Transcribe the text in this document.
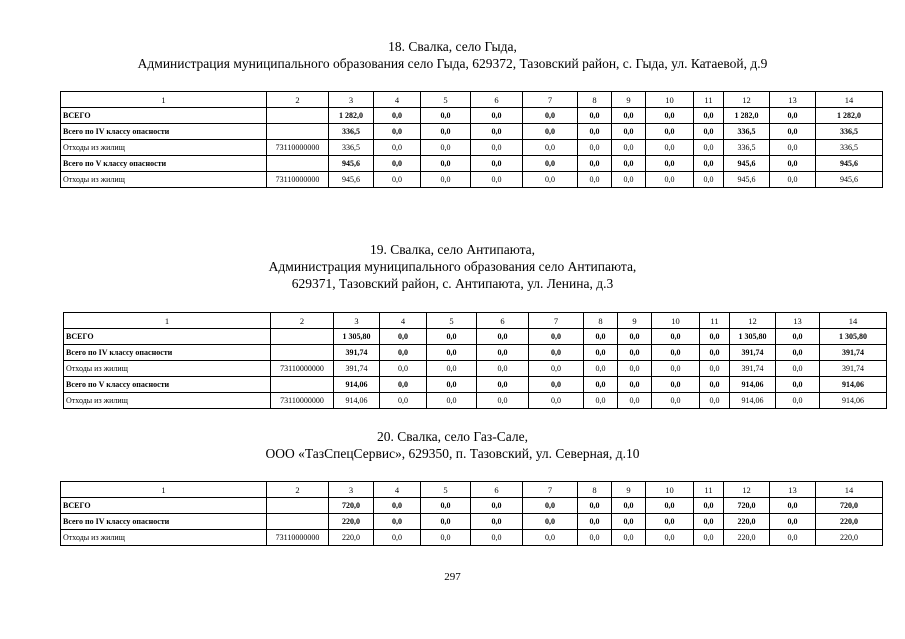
18. Свалка, село Гыда,
Администрация муниципального образования село Гыда, 629372, Тазовский район, с. Гыда, ул. Катаевой, д.9
1	2	3	4	5	6	7	8	9	10	11	12	13	14
ВСЕГО		1 282,0	0,0	0,0	0,0	0,0	0,0	0,0	0,0	0,0	1 282,0	0,0	1 282,0
Всего по IV классу опасности		336,5	0,0	0,0	0,0	0,0	0,0	0,0	0,0	0,0	336,5	0,0	336,5
Отходы из жилищ	73110000000	336,5	0,0	0,0	0,0	0,0	0,0	0,0	0,0	0,0	336,5	0,0	336,5
Всего по V классу опасности		945,6	0,0	0,0	0,0	0,0	0,0	0,0	0,0	0,0	945,6	0,0	945,6
Отходы из жилищ	73110000000	945,6	0,0	0,0	0,0	0,0	0,0	0,0	0,0	0,0	945,6	0,0	945,6
19. Свалка, село Антипаюта,
Администрация муниципального образования село Антипаюта,
629371, Тазовский район, с. Антипаюта, ул. Ленина, д.3
1	2	3	4	5	6	7	8	9	10	11	12	13	14
ВСЕГО		1 305,80	0,0	0,0	0,0	0,0	0,0	0,0	0,0	0,0	1 305,80	0,0	1 305,80
Всего по IV классу опасности		391,74	0,0	0,0	0,0	0,0	0,0	0,0	0,0	0,0	391,74	0,0	391,74
Отходы из жилищ	73110000000	391,74	0,0	0,0	0,0	0,0	0,0	0,0	0,0	0,0	391,74	0,0	391,74
Всего по V классу опасности		914,06	0,0	0,0	0,0	0,0	0,0	0,0	0,0	0,0	914,06	0,0	914,06
Отходы из жилищ	73110000000	914,06	0,0	0,0	0,0	0,0	0,0	0,0	0,0	0,0	914,06	0,0	914,06
20. Свалка, село Газ-Сале,
ООО «ТазСпецСервис», 629350, п. Тазовский, ул. Северная, д.10
1	2	3	4	5	6	7	8	9	10	11	12	13	14
ВСЕГО		720,0	0,0	0,0	0,0	0,0	0,0	0,0	0,0	0,0	720,0	0,0	720,0
Всего по IV классу опасности		220,0	0,0	0,0	0,0	0,0	0,0	0,0	0,0	0,0	220,0	0,0	220,0
Отходы из жилищ	73110000000	220,0	0,0	0,0	0,0	0,0	0,0	0,0	0,0	0,0	220,0	0,0	220,0
297
